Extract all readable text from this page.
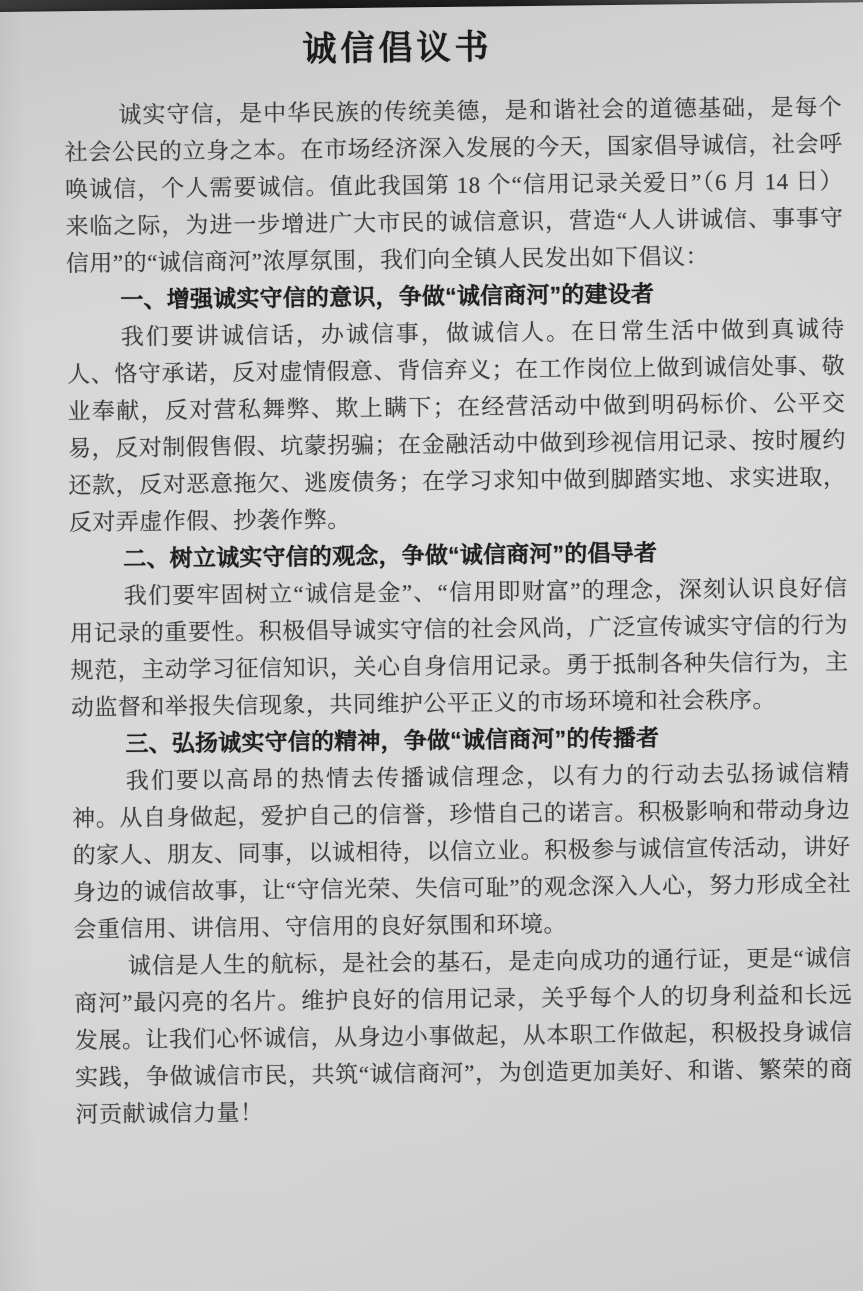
诚信倡议书

诚实守信，是中华民族的传统美德，是和谐社会的道德基础，是每个社会公民的立身之本。在市场经济深入发展的今天，国家倡导诚信，社会呼唤诚信，个人需要诚信。值此我国第 18 个“信用记录关爱日”（6 月 14 日）来临之际，为进一步增进广大市民的诚信意识，营造“人人讲诚信、事事守信用”的“诚信商河”浓厚氛围，我们向全镇人民发出如下倡议：

一、增强诚实守信的意识，争做“诚信商河”的建设者

我们要讲诚信话，办诚信事，做诚信人。在日常生活中做到真诚待人、恪守承诺，反对虚情假意、背信弃义；在工作岗位上做到诚信处事、敬业奉献，反对营私舞弊、欺上瞒下；在经营活动中做到明码标价、公平交易，反对制假售假、坑蒙拐骗；在金融活动中做到珍视信用记录、按时履约还款，反对恶意拖欠、逃废债务；在学习求知中做到脚踏实地、求实进取，反对弄虚作假、抄袭作弊。

二、树立诚实守信的观念，争做“诚信商河”的倡导者

我们要牢固树立“诚信是金”、“信用即财富”的理念，深刻认识良好信用记录的重要性。积极倡导诚实守信的社会风尚，广泛宣传诚实守信的行为规范，主动学习征信知识，关心自身信用记录。勇于抵制各种失信行为，主动监督和举报失信现象，共同维护公平正义的市场环境和社会秩序。

三、弘扬诚实守信的精神，争做“诚信商河”的传播者

我们要以高昂的热情去传播诚信理念，以有力的行动去弘扬诚信精神。从自身做起，爱护自己的信誉，珍惜自己的诺言。积极影响和带动身边的家人、朋友、同事，以诚相待，以信立业。积极参与诚信宣传活动，讲好身边的诚信故事，让“守信光荣、失信可耻”的观念深入人心，努力形成全社会重信用、讲信用、守信用的良好氛围和环境。

诚信是人生的航标，是社会的基石，是走向成功的通行证，更是“诚信商河”最闪亮的名片。维护良好的信用记录，关乎每个人的切身利益和长远发展。让我们心怀诚信，从身边小事做起，从本职工作做起，积极投身诚信实践，争做诚信市民，共筑“诚信商河”，为创造更加美好、和谐、繁荣的商河贡献诚信力量！
